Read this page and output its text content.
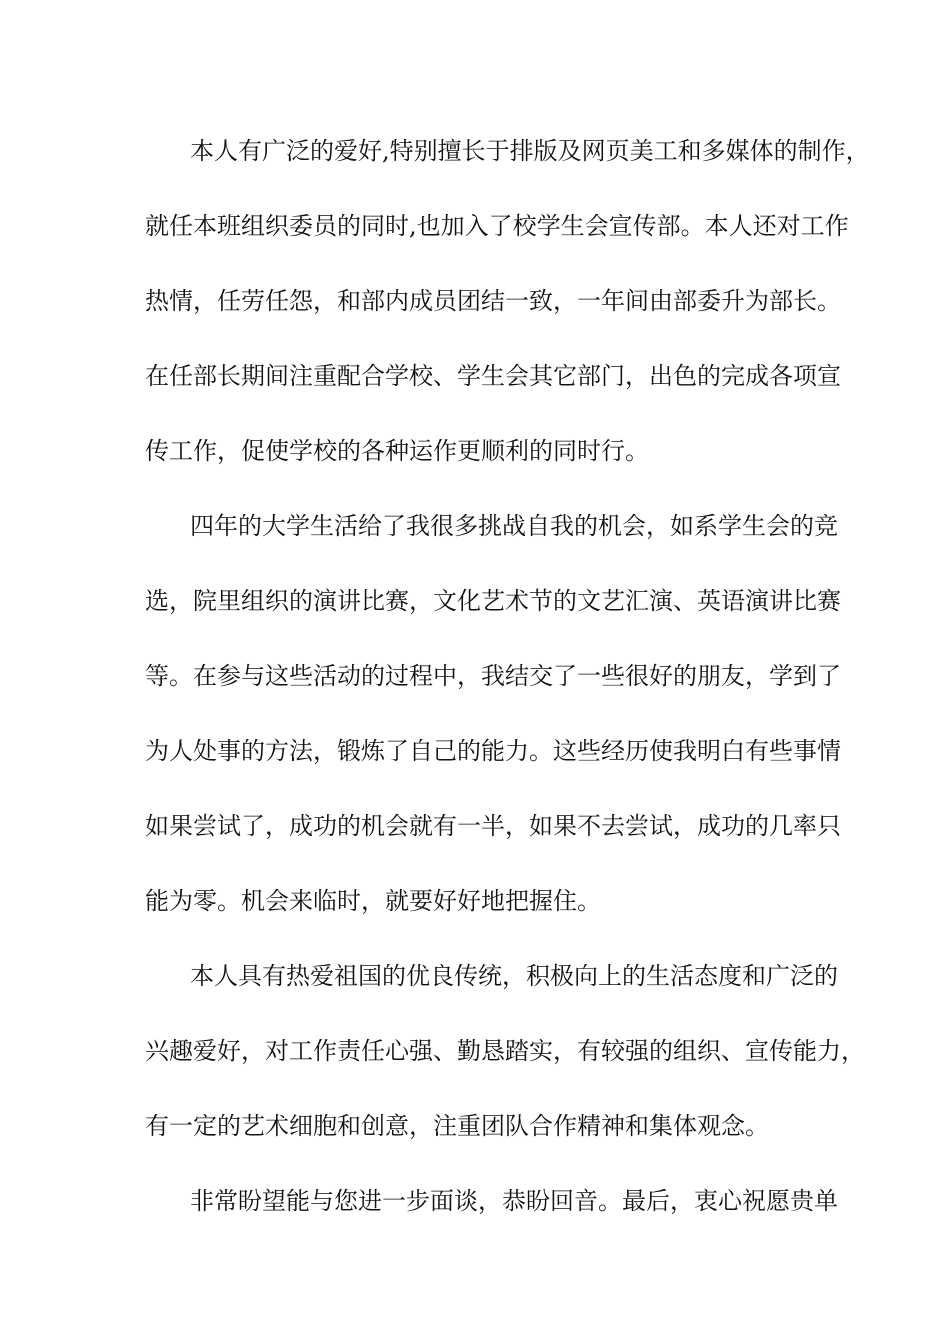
本人有广泛的爱好,特别擅长于排版及网页美工和多媒体的制作，
就任本班组织委员的同时,也加入了校学生会宣传部。本人还对工作
热情，任劳任怨，和部内成员团结一致，一年间由部委升为部长。
在任部长期间注重配合学校、学生会其它部门，出色的完成各项宣
传工作，促使学校的各种运作更顺利的同时行。
四年的大学生活给了我很多挑战自我的机会，如系学生会的竞
选，院里组织的演讲比赛，文化艺术节的文艺汇演、英语演讲比赛
等。在参与这些活动的过程中，我结交了一些很好的朋友，学到了
为人处事的方法，锻炼了自己的能力。这些经历使我明白有些事情
如果尝试了，成功的机会就有一半，如果不去尝试，成功的几率只
能为零。机会来临时，就要好好地把握住。
本人具有热爱祖国的优良传统，积极向上的生活态度和广泛的
兴趣爱好，对工作责任心强、勤恳踏实，有较强的组织、宣传能力，
有一定的艺术细胞和创意，注重团队合作精神和集体观念。
非常盼望能与您进一步面谈，恭盼回音。最后，衷心祝愿贵单
